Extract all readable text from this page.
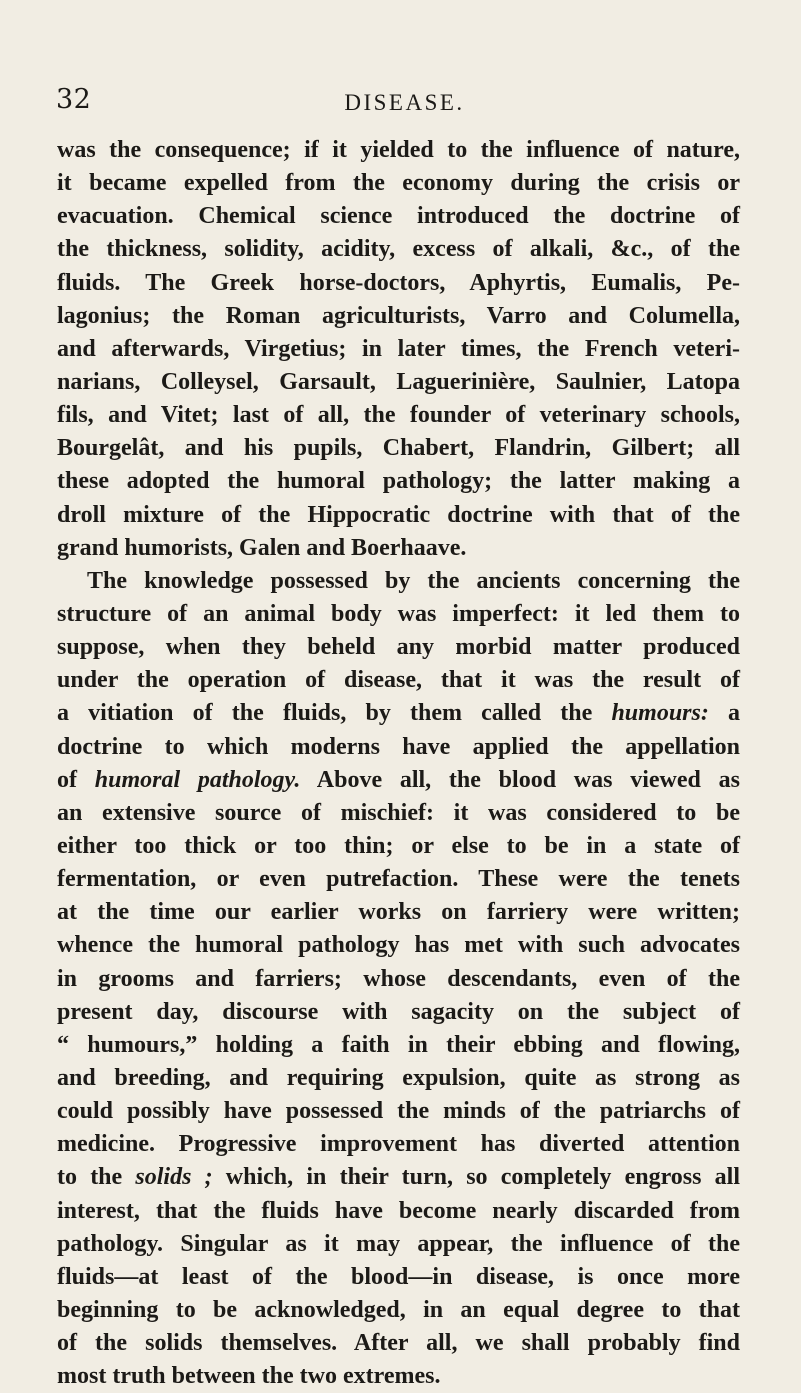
32	DISEASE.
was the consequence; if it yielded to the influence of nature,
it became expelled from the economy during the crisis or
evacuation. Chemical science introduced the doctrine of
the thickness, solidity, acidity, excess of alkali, &c., of the
fluids. The Greek horse-doctors, Aphyrtis, Eumalis, Pe-
lagonius; the Roman agriculturists, Varro and Columella,
and afterwards, Virgetius; in later times, the French veteri-
narians, Colleysel, Garsault, Laguerinière, Saulnier, Latopa
fils, and Vitet; last of all, the founder of veterinary schools,
Bourgelât, and his pupils, Chabert, Flandrin, Gilbert; all
these adopted the humoral pathology; the latter making a
droll mixture of the Hippocratic doctrine with that of the
grand humorists, Galen and Boerhaave.
The knowledge possessed by the ancients concerning the
structure of an animal body was imperfect: it led them to
suppose, when they beheld any morbid matter produced
under the operation of disease, that it was the result of
a vitiation of the fluids, by them called the humours: a
doctrine to which moderns have applied the appellation
of humoral pathology. Above all, the blood was viewed as
an extensive source of mischief: it was considered to be
either too thick or too thin; or else to be in a state of
fermentation, or even putrefaction. These were the tenets
at the time our earlier works on farriery were written;
whence the humoral pathology has met with such advocates
in grooms and farriers; whose descendants, even of the
present day, discourse with sagacity on the subject of
“ humours,” holding a faith in their ebbing and flowing,
and breeding, and requiring expulsion, quite as strong as
could possibly have possessed the minds of the patriarchs of
medicine. Progressive improvement has diverted attention
to the solids ; which, in their turn, so completely engross all
interest, that the fluids have become nearly discarded from
pathology. Singular as it may appear, the influence of the
fluids—at least of the blood—in disease, is once more
beginning to be acknowledged, in an equal degree to that
of the solids themselves. After all, we shall probably find
most truth between the two extremes.
